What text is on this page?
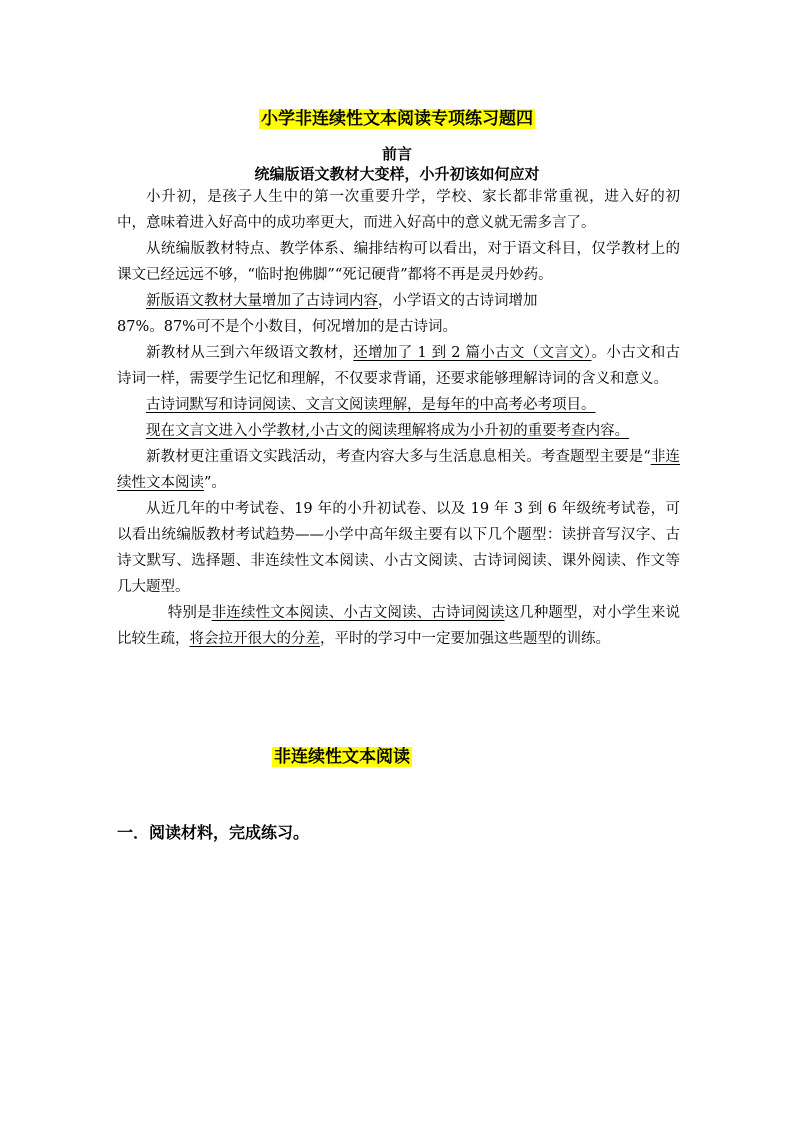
小学非连续性文本阅读专项练习题四
前言
统编版语文教材大变样，小升初该如何应对

小升初，是孩子人生中的第一次重要升学，学校、家长都非常重视，进入好的初中，意味着进入好高中的成功率更大，而进入好高中的意义就无需多言了。

从统编版教材特点、教学体系、编排结构可以看出，对于语文科目，仅学教材上的课文已经远远不够，“临时抱佛脚”“死记硬背”都将不再是灵丹妙药。

新版语文教材大量增加了古诗词内容，小学语文的古诗词增加

87%。87%可不是个小数目，何况增加的是古诗词。

新教材从三到六年级语文教材，还增加了 1 到 2 篇小古文（文言文）。小古文和古诗词一样，需要学生记忆和理解，不仅要求背诵，还要求能够理解诗词的含义和意义。

古诗词默写和诗词阅读、文言文阅读理解，是每年的中高考必考项目。

现在文言文进入小学教材,小古文的阅读理解将成为小升初的重要考查内容。

新教材更注重语文实践活动，考查内容大多与生活息息相关。考查题型主要是“非连续性文本阅读”。

从近几年的中考试卷、19 年的小升初试卷、以及 19 年 3 到 6 年级统考试卷，可以看出统编版教材考试趋势——小学中高年级主要有以下几个题型：读拼音写汉字、古诗文默写、选择题、非连续性文本阅读、小古文阅读、古诗词阅读、课外阅读、作文等几大题型。

特别是非连续性文本阅读、小古文阅读、古诗词阅读这几种题型，对小学生来说比较生疏，将会拉开很大的分差，平时的学习中一定要加强这些题型的训练。

非连续性文本阅读
一．阅读材料，完成练习。
